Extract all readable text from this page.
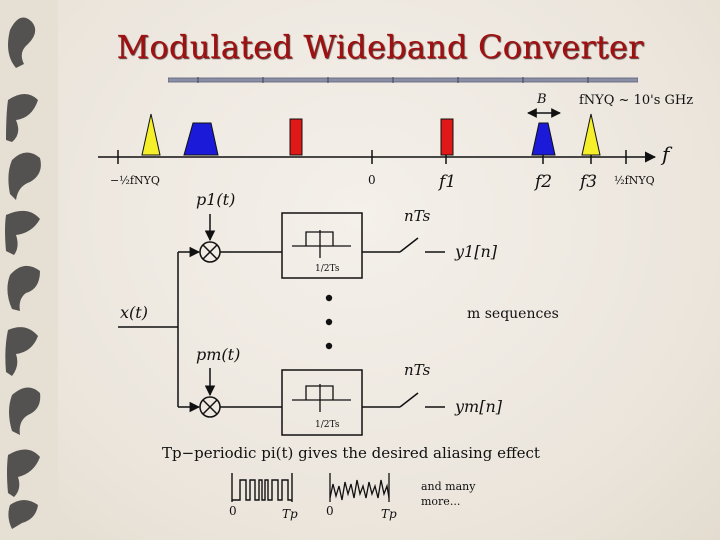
Modulated Wideband Converter
B fNYQ ~ 10's GHz
f
−½fNYQ	0	f1	f2 f3 ½fNYQ
x(t)
p1(t)
pm(t)
1/2Ts
1/2Ts
nTs
nTs
y1[n]
ym[n]
m sequences
Tp−periodic pi(t) gives the desired aliasing effect
0	Tp 0	Tp
and many
more...
